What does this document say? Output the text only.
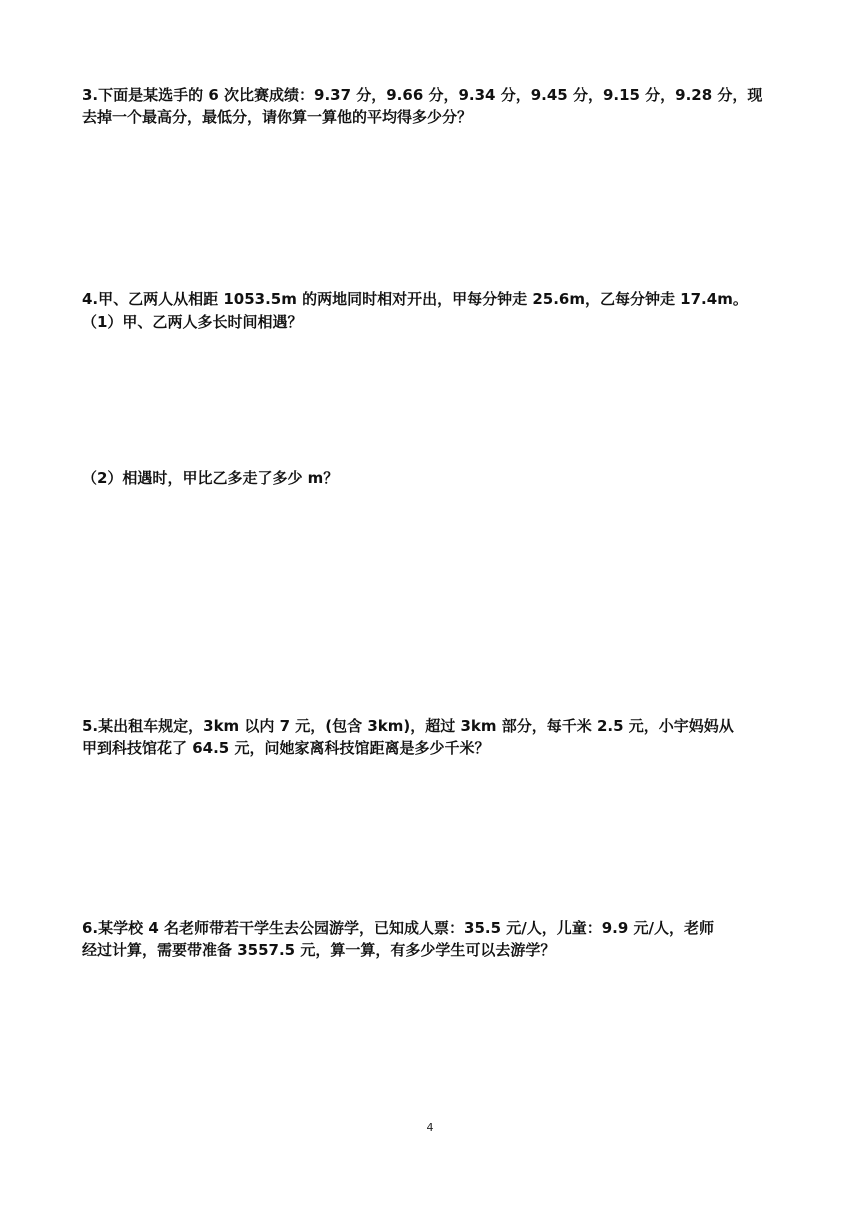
3.下面是某选手的 6 次比赛成绩：9.37 分，9.66 分，9.34 分，9.45 分，9.15 分，9.28 分，现
去掉一个最高分，最低分，请你算一算他的平均得多少分？
4.甲、乙两人从相距 1053.5m 的两地同时相对开出，甲每分钟走 25.6m，乙每分钟走 17.4m。
（1）甲、乙两人多长时间相遇？
（2）相遇时，甲比乙多走了多少 m？
5.某出租车规定，3km 以内 7 元，(包含 3km)，超过 3km 部分，每千米 2.5 元，小宇妈妈从
甲到科技馆花了 64.5 元，问她家离科技馆距离是多少千米？
6.某学校 4 名老师带若干学生去公园游学，已知成人票：35.5 元/人，儿童：9.9 元/人，老师
经过计算，需要带准备 3557.5 元，算一算，有多少学生可以去游学？
4
